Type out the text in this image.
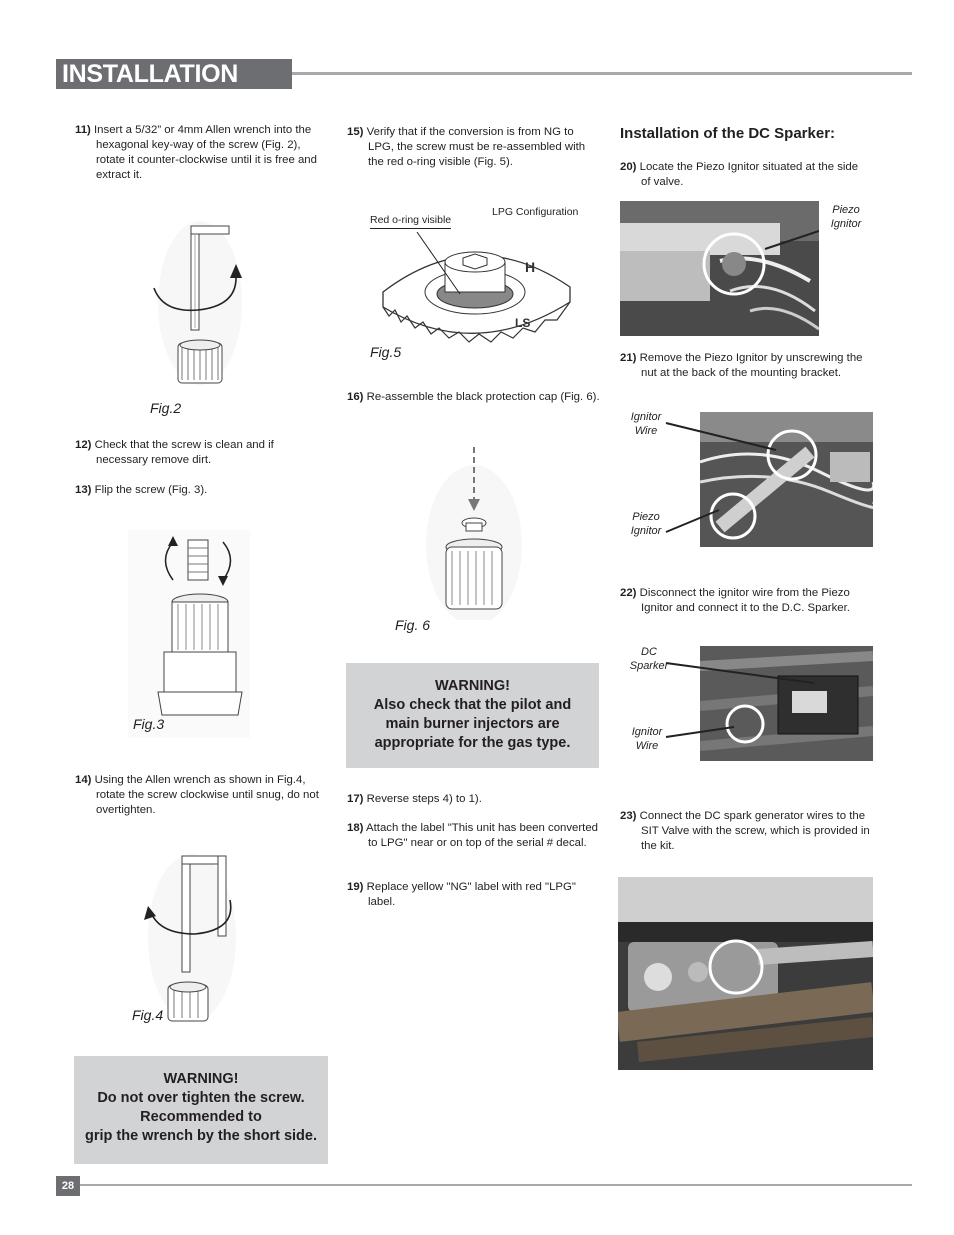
INSTALLATION
11) Insert a 5/32” or 4mm Allen wrench into the hexagonal key-way of the screw (Fig. 2), rotate it counter-clockwise until it is free and extract it.
Fig.2
12) Check that the screw is clean and if necessary remove dirt.
13) Flip the screw (Fig. 3).
Fig.3
14) Using the Allen wrench as shown in Fig.4, rotate the screw clockwise until snug, do not overtighten.
Fig.4
WARNING!
Do not over tighten the screw.
Recommended to
grip the wrench by the short side.
15) Verify that if the conversion is from NG to LPG, the screw must be re-assembled with the red o-ring visible (Fig. 5).
LPG Configuration
Red o-ring visible
H
LS
Fig.5
16) Re-assemble the black protection cap (Fig. 6).
Fig. 6
WARNING!
Also check that the pilot and
main burner injectors are
appropriate for the gas type.
17) Reverse steps 4) to 1).
18) Attach the label "This unit has been converted to LPG" near or on top of the serial # decal.
19) Replace yellow "NG" label with red "LPG" label.
Installation of the DC Sparker:
20) Locate the Piezo Ignitor situated at the side of valve.
Piezo
Ignitor
21) Remove the Piezo Ignitor by unscrewing the nut at the back of the mounting bracket.
Ignitor
Wire
Piezo
Ignitor
22) Disconnect the ignitor wire from the Piezo Ignitor and connect it to the D.C. Sparker.
DC
Sparker
Ignitor
Wire
23) Connect the DC spark generator wires to the SIT Valve with the screw, which is provided in the kit.
28
